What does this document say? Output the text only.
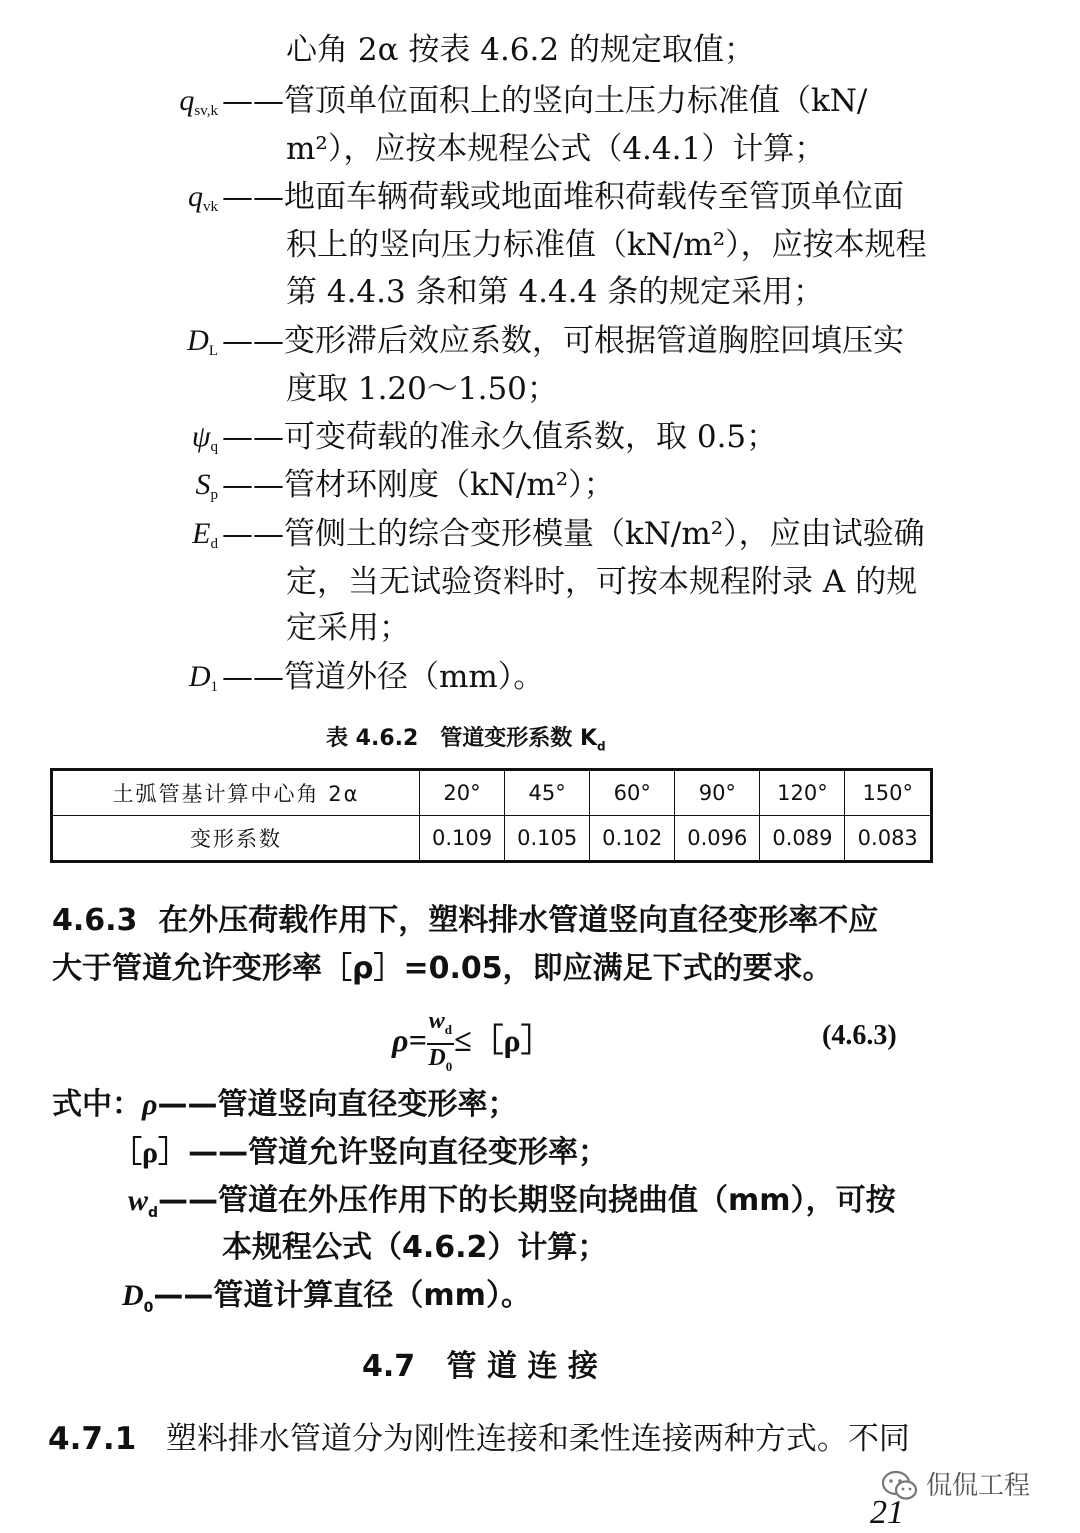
心角 2α 按表 4.6.2 的规定取值；
$q_{sv,k}$ ——管顶单位面积上的竖向土压力标准值（kN/
m²），应按本规程公式（4.4.1）计算；
$q_{vk}$ ——地面车辆荷载或地面堆积荷载传至管顶单位面
积上的竖向压力标准值（kN/m²），应按本规程
第 4.4.3 条和第 4.4.4 条的规定采用；
$D_L$ ——变形滞后效应系数，可根据管道胸腔回填压实
度取 1.20～1.50；
$\psi_q$ ——可变荷载的准永久值系数，取 0.5；
$S_p$ ——管材环刚度（kN/m²）；
$E_d$ ——管侧土的综合变形模量（kN/m²），应由试验确
定，当无试验资料时，可按本规程附录 A 的规
定采用；
$D_1$ ——管道外径（mm）。
表 4.6.2　管道变形系数 $K_d$
土弧管基计算中心角 2α	20°	45°	60°	90°	120°	150°
变形系数	0.109	0.105	0.102	0.096	0.089	0.083
4.6.3 在外压荷载作用下，塑料排水管道竖向直径变形率不应
大于管道允许变形率［ρ］=0.05，即应满足下式的要求。
$\rho= \frac{w_d}{D_0}$ ≤［ρ］	(4.6.3)
式中：ρ——管道竖向直径变形率；
［ρ］——管道允许竖向直径变形率；
$w_d——$管道在外压作用下的长期竖向挠曲值（mm），可按
本规程公式（4.6.2）计算；
$D_0——$管道计算直径（mm）。
4.7 管 道 连 接
4.7.1 塑料排水管道分为刚性连接和柔性连接两种方式。不同
侃侃工程
21
